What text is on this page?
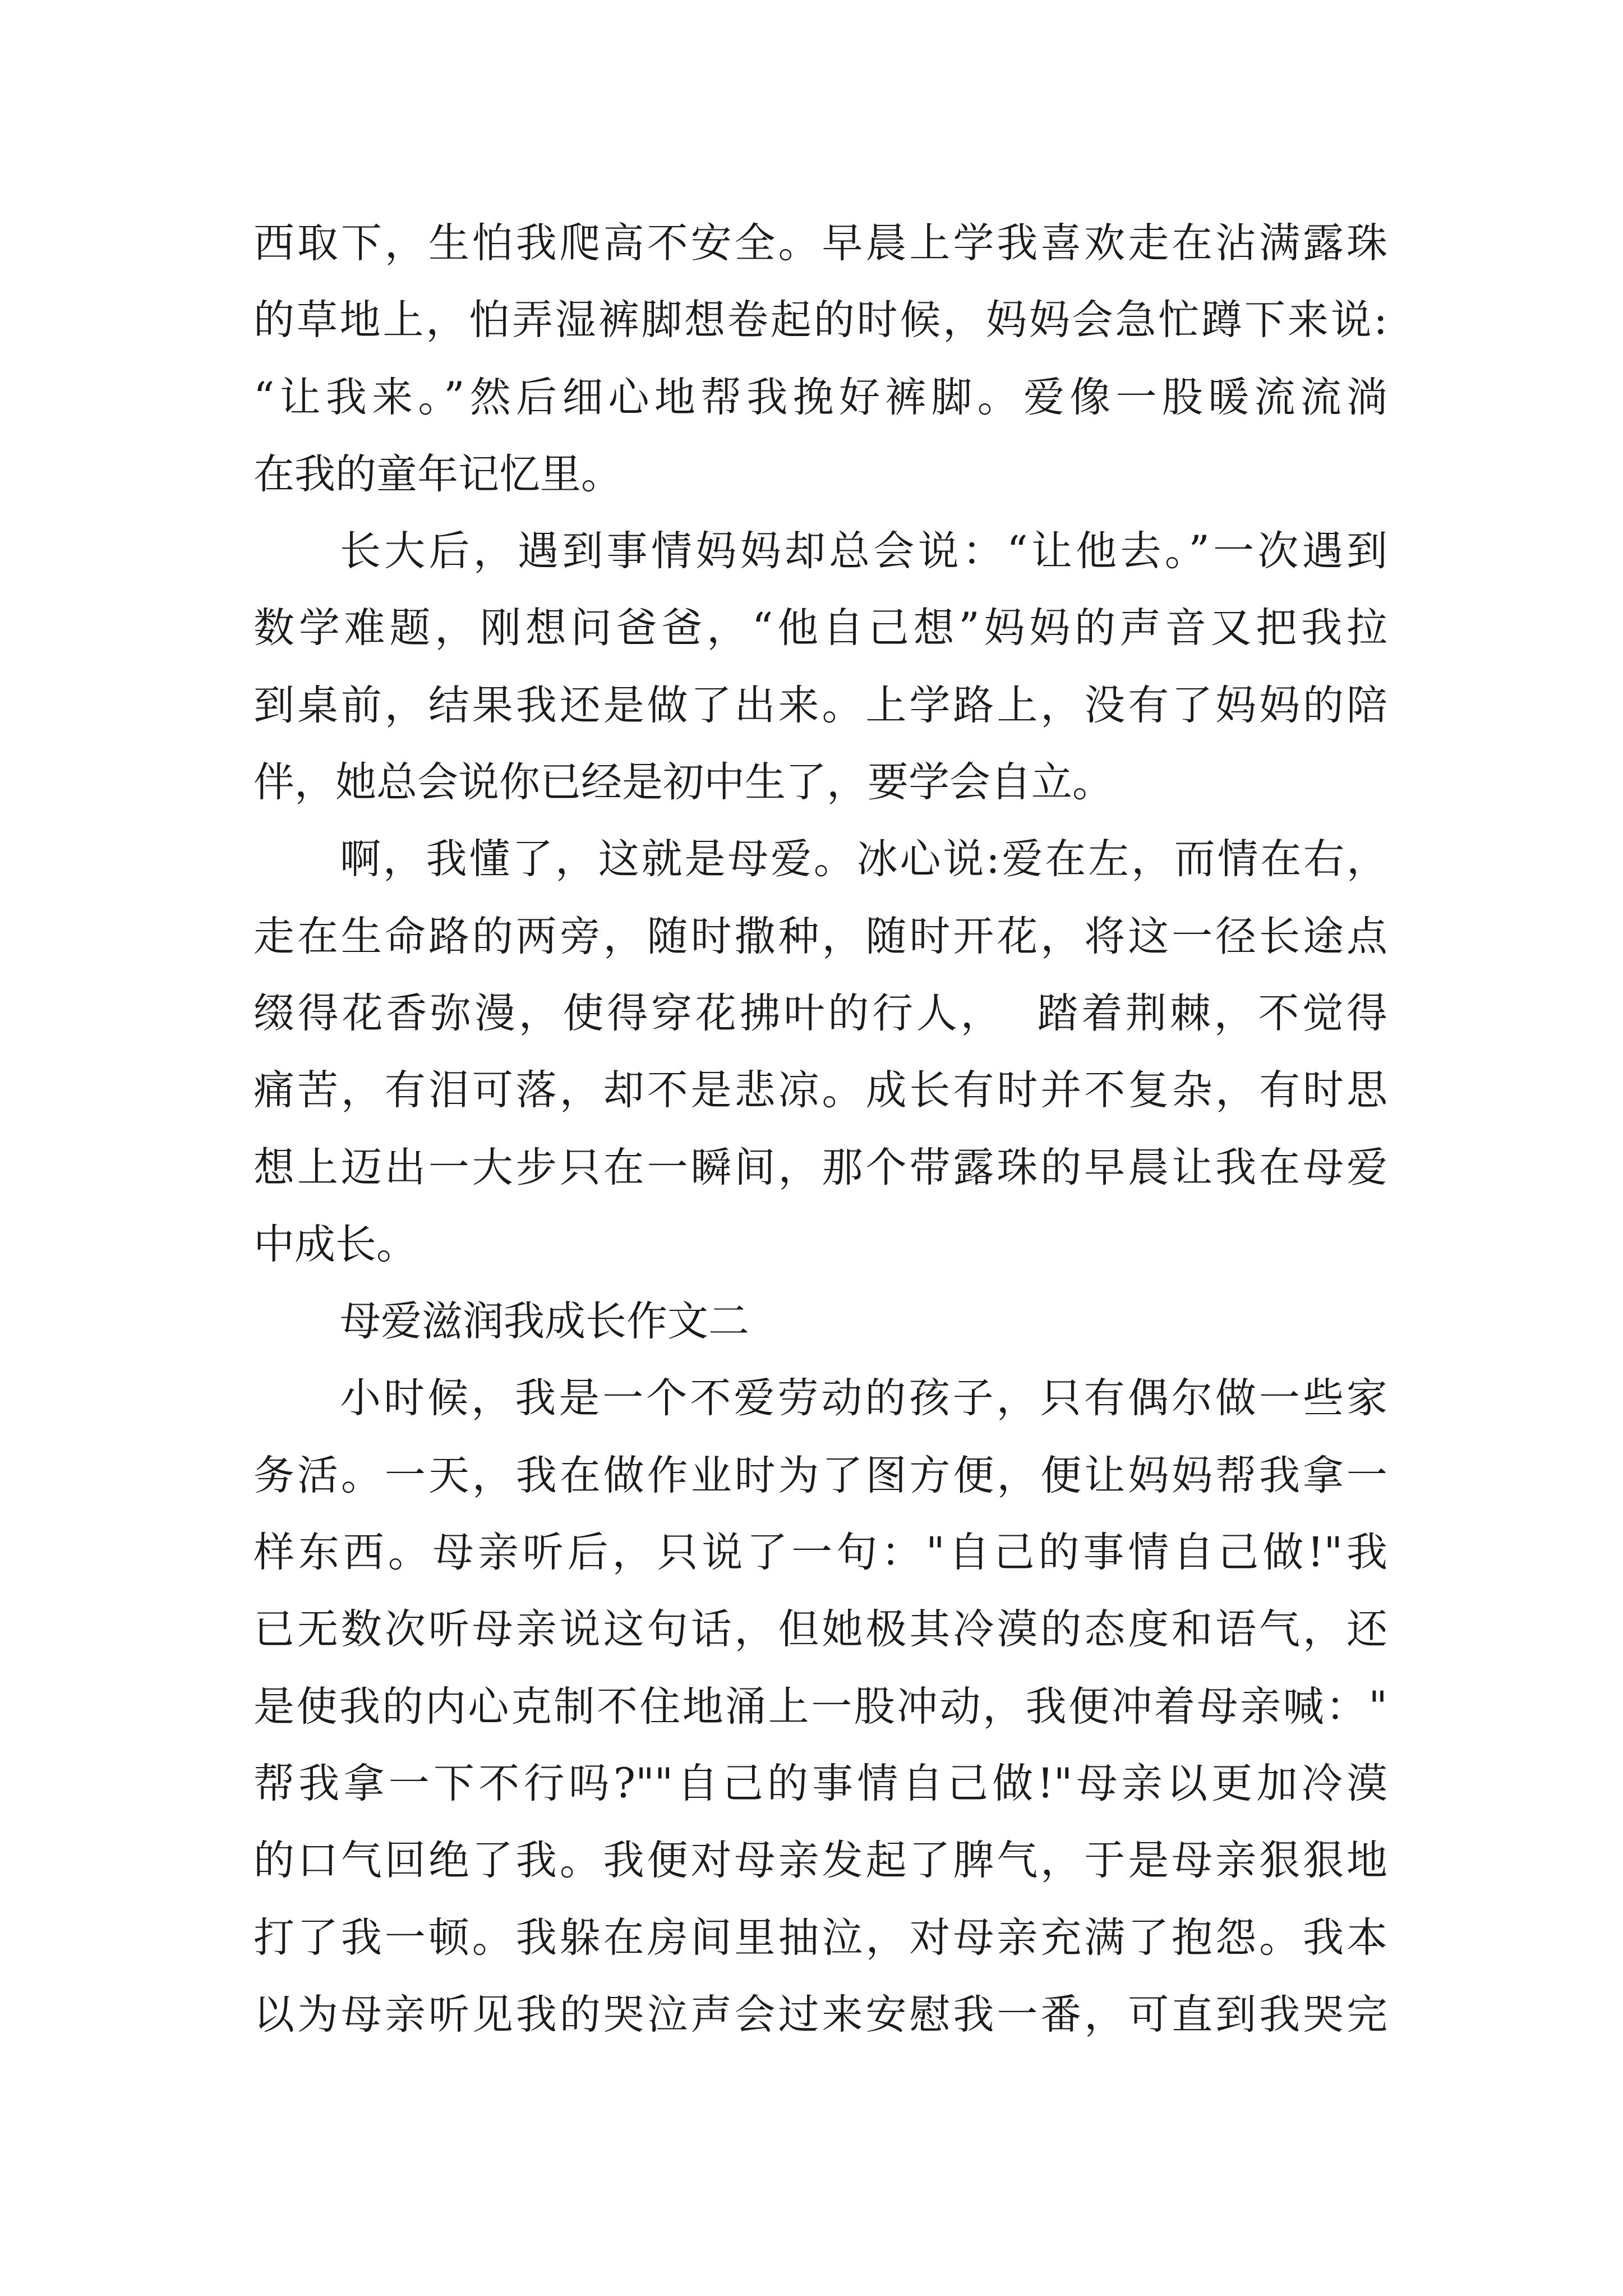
西取下，生怕我爬高不安全。早晨上学我喜欢走在沾满露珠
的草地上，怕弄湿裤脚想卷起的时候，妈妈会急忙蹲下来说:
“让我来。”然后细心地帮我挽好裤脚。爱像一股暖流流淌
在我的童年记忆里。
长大后，遇到事情妈妈却总会说：“让他去。”一次遇到
数学难题，刚想问爸爸，“他自己想”妈妈的声音又把我拉
到桌前，结果我还是做了出来。上学路上，没有了妈妈的陪
伴，她总会说你已经是初中生了，要学会自立。
啊，我懂了，这就是母爱。冰心说:爱在左，而情在右，
走在生命路的两旁，随时撒种，随时开花，将这一径长途点
缀得花香弥漫，使得穿花拂叶的行人，  踏着荆棘，不觉得
痛苦，有泪可落，却不是悲凉。成长有时并不复杂，有时思
想上迈出一大步只在一瞬间，那个带露珠的早晨让我在母爱
中成长。
母爱滋润我成长作文二
小时候，我是一个不爱劳动的孩子，只有偶尔做一些家
务活。一天，我在做作业时为了图方便，便让妈妈帮我拿一
样东西。母亲听后，只说了一句："自己的事情自己做!"我
已无数次听母亲说这句话，但她极其冷漠的态度和语气，还
是使我的内心克制不住地涌上一股冲动，我便冲着母亲喊："
帮我拿一下不行吗?""自己的事情自己做!"母亲以更加冷漠
的口气回绝了我。我便对母亲发起了脾气，于是母亲狠狠地
打了我一顿。我躲在房间里抽泣，对母亲充满了抱怨。我本
以为母亲听见我的哭泣声会过来安慰我一番，可直到我哭完
